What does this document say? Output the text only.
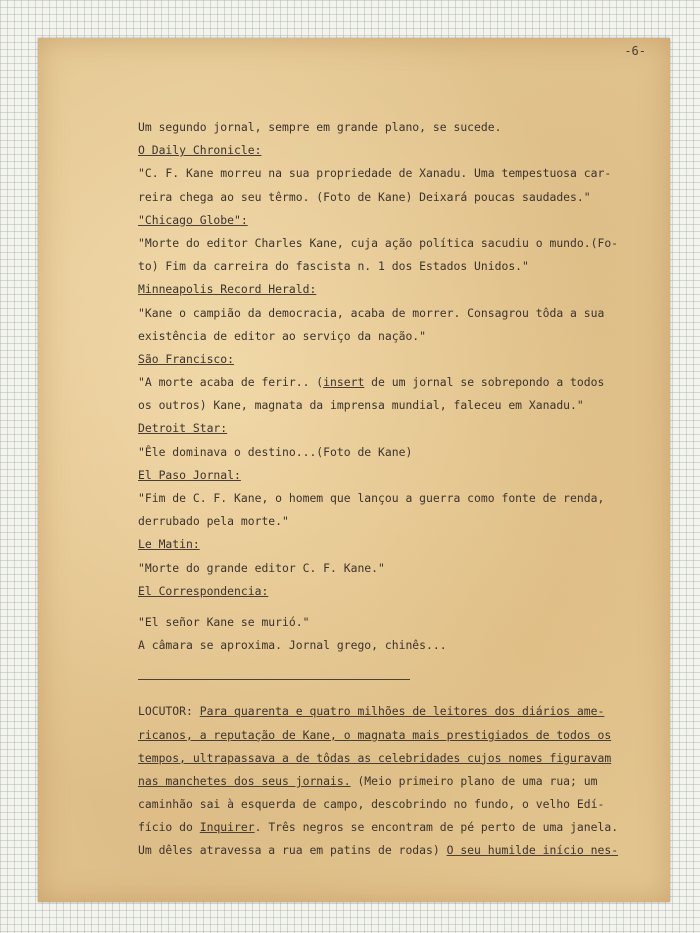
-6-
Um segundo jornal, sempre em grande plano, se sucede.
O Daily Chronicle:
"C. F. Kane morreu na sua propriedade de Xanadu. Uma tempestuosa car-
reira chega ao seu têrmo. (Foto de Kane) Deixará poucas saudades."
"Chicago Globe":
"Morte do editor Charles Kane, cuja ação política sacudiu o mundo.(Fo-
to) Fim da carreira do fascista n. 1 dos Estados Unidos."
Minneapolis Record Herald:
"Kane o campião da democracia, acaba de morrer. Consagrou tôda a sua
existência de editor ao serviço da nação."
São Francisco:
"A morte acaba de ferir.. (insert de um jornal se sobrepondo a todos
os outros) Kane, magnata da imprensa mundial, faleceu em Xanadu."
Detroit Star:
"Êle dominava o destino...(Foto de Kane)
El Paso Jornal:
"Fim de C. F. Kane, o homem que lançou a guerra como fonte de renda,
derrubado pela morte."
Le Matin:
"Morte do grande editor C. F. Kane."
El Correspondencia:
"El señor Kane se murió."
A câmara se aproxima. Jornal grego, chinês...
LOCUTOR: Para quarenta e quatro milhões de leitores dos diários ame-
ricanos, a reputação de Kane, o magnata mais prestigiados de todos os
tempos, ultrapassava a de tôdas as celebridades cujos nomes figuravam
nas manchetes dos seus jornais. (Meio primeiro plano de uma rua; um
caminhão sai à esquerda de campo, descobrindo no fundo, o velho Edí-
fício do Inquirer. Três negros se encontram de pé perto de uma janela.
Um dêles atravessa a rua em patins de rodas) O seu humilde início nes-
